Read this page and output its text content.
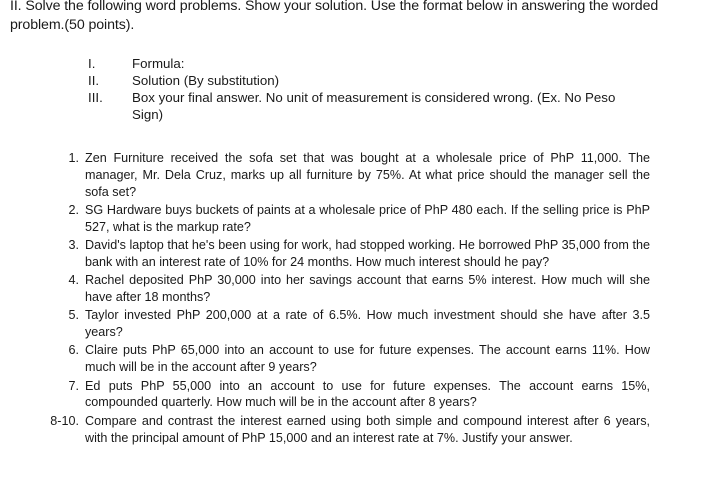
II. Solve the following word problems. Show your solution. Use the format below in answering the worded problem.(50 points).
I.	Formula:
II.	Solution (By substitution)
III.	Box your final answer. No unit of measurement is considered wrong. (Ex. No Peso Sign)
1. Zen Furniture received the sofa set that was bought at a wholesale price of PhP 11,000. The manager, Mr. Dela Cruz, marks up all furniture by 75%. At what price should the manager sell the sofa set?
2. SG Hardware buys buckets of paints at a wholesale price of PhP 480 each. If the selling price is PhP 527, what is the markup rate?
3. David's laptop that he's been using for work, had stopped working. He borrowed PhP 35,000 from the bank with an interest rate of 10% for 24 months. How much interest should he pay?
4. Rachel deposited PhP 30,000 into her savings account that earns 5% interest. How much will she have after 18 months?
5. Taylor invested PhP 200,000 at a rate of 6.5%. How much investment should she have after 3.5 years?
6. Claire puts PhP 65,000 into an account to use for future expenses. The account earns 11%. How much will be in the account after 9 years?
7. Ed puts PhP 55,000 into an account to use for future expenses. The account earns 15%, compounded quarterly. How much will be in the account after 8 years?
8-10. Compare and contrast the interest earned using both simple and compound interest after 6 years, with the principal amount of PhP 15,000 and an interest rate at 7%. Justify your answer.
